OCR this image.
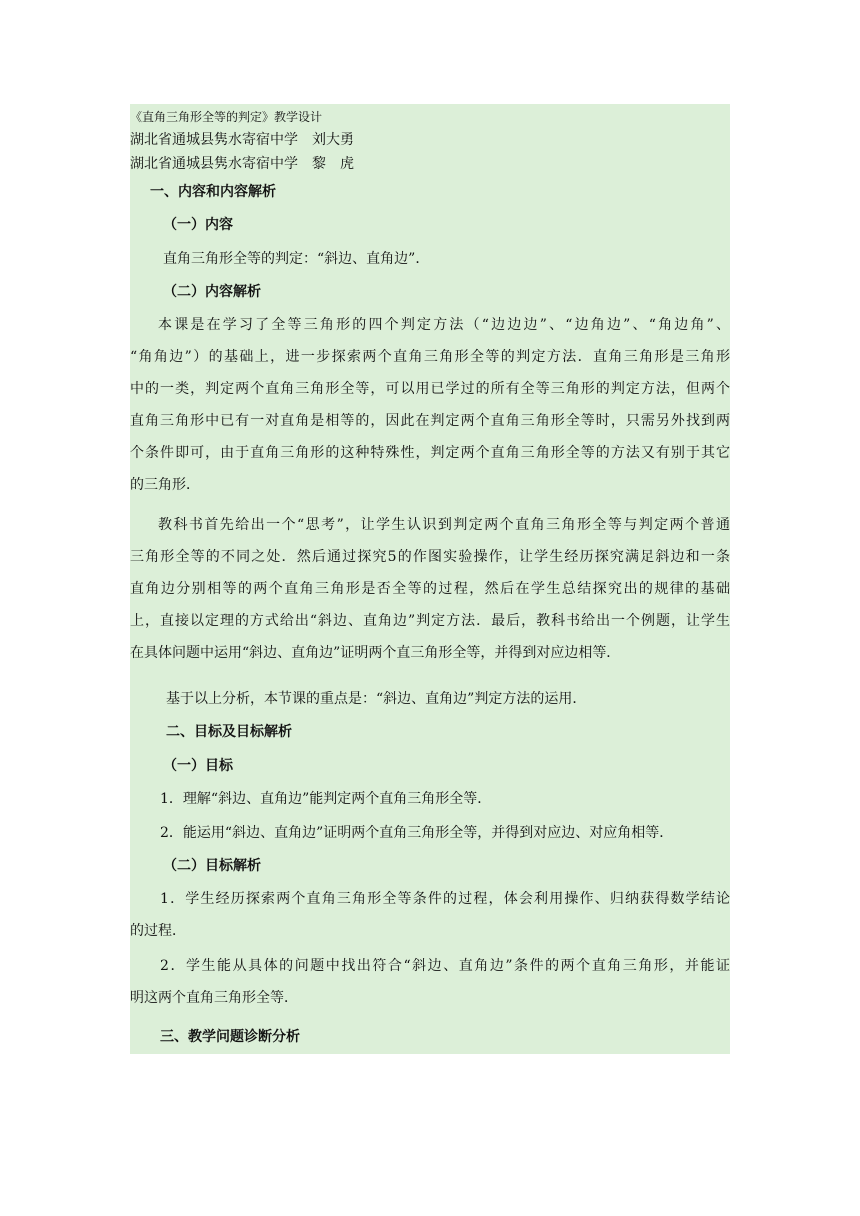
《直角三角形全等的判定》教学设计
湖北省通城县隽水寄宿中学　刘大勇
湖北省通城县隽水寄宿中学　黎　虎
一、内容和内容解析
（一）内容
直角三角形全等的判定：“斜边、直角边”．
（二）内容解析
本课是在学习了全等三角形的四个判定方法（“边边边”、“边角边”、“角边角”、
“角角边”）的基础上，进一步探索两个直角三角形全等的判定方法．直角三角形是三角形
中的一类，判定两个直角三角形全等，可以用已学过的所有全等三角形的判定方法，但两个
直角三角形中已有一对直角是相等的，因此在判定两个直角三角形全等时，只需另外找到两
个条件即可，由于直角三角形的这种特殊性，判定两个直角三角形全等的方法又有别于其它
的三角形．
教科书首先给出一个“思考”，让学生认识到判定两个直角三角形全等与判定两个普通
三角形全等的不同之处．然后通过探究5的作图实验操作，让学生经历探究满足斜边和一条
直角边分别相等的两个直角三角形是否全等的过程，然后在学生总结探究出的规律的基础
上，直接以定理的方式给出“斜边、直角边”判定方法．最后，教科书给出一个例题，让学生
在具体问题中运用“斜边、直角边”证明两个直三角形全等，并得到对应边相等．
基于以上分析，本节课的重点是：“斜边、直角边”判定方法的运用．
二、目标及目标解析
（一）目标
1．理解“斜边、直角边”能判定两个直角三角形全等．
2．能运用“斜边、直角边”证明两个直角三角形全等，并得到对应边、对应角相等．
（二）目标解析
1．学生经历探索两个直角三角形全等条件的过程，体会利用操作、归纳获得数学结论
的过程．
2．学生能从具体的问题中找出符合“斜边、直角边”条件的两个直角三角形，并能证
明这两个直角三角形全等．
三、教学问题诊断分析
